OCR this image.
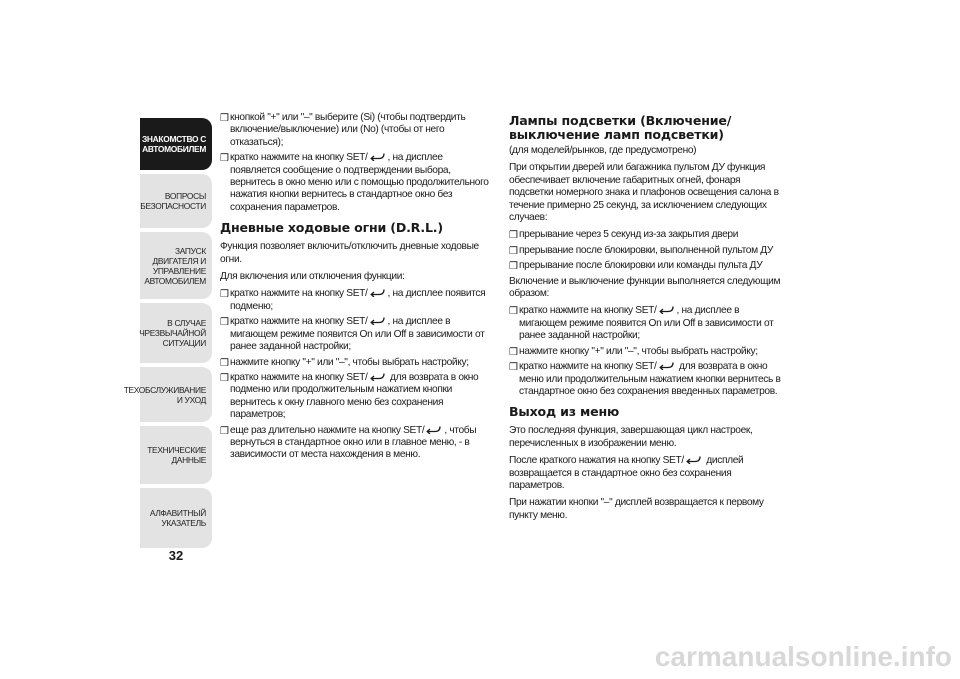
ЗНАКОМСТВО С
АВТОМОБИЛЕМ
ВОПРОСЫ
БЕЗОПАСНОСТИ
ЗАПУСК ДВИГАТЕЛЯ И
УПРАВЛЕНИЕ
АВТОМОБИЛЕМ
В СЛУЧАЕ
ЧРЕЗВЫЧАЙНОЙ
СИТУАЦИИ
ТЕХОБСЛУЖИВАНИЕ
И УХОД
ТЕХНИЧЕСКИЕ
ДАННЫЕ
АЛФАВИТНЫЙ
УКАЗАТЕЛЬ
32
❒ кнопкой "+" или "–" выберите (Si) (чтобы подтвердить включение/выключение) или (No) (чтобы от него отказаться);
❒ кратко нажмите на кнопку SET/ , на дисплее появляется сообщение о подтверждении выбора, вернитесь в окно меню или с помощью продолжительного нажатия кнопки вернитесь в стандартное окно без сохранения параметров.
Дневные ходовые огни (D.R.L.)

Функция позволяет включить/отключить дневные ходовые огни.

Для включения или отключения функции:

❒ кратко нажмите на кнопку SET/ , на дисплее появится подменю;
❒ кратко нажмите на кнопку SET/ , на дисплее в мигающем режиме появится On или Off в зависимости от ранее заданной настройки;
❒ нажмите кнопку "+" или "–", чтобы выбрать настройку;
❒ кратко нажмите на кнопку SET/ для возврата в окно подменю или продолжительным нажатием кнопки вернитесь к окну главного меню без сохранения параметров;
❒ еще раз длительно нажмите на кнопку SET/ , чтобы вернуться в стандартное окно или в главное меню, - в зависимости от места нахождения в меню.
Лампы подсветки (Включение/выключение ламп подсветки)

(для моделей/рынков, где предусмотрено)

При открытии дверей или багажника пультом ДУ функция обеспечивает включение габаритных огней, фонаря подсветки номерного знака и плафонов освещения салона в течение примерно 25 секунд, за исключением следующих случаев:

❒ прерывание через 5 секунд из-за закрытия двери
❒ прерывание после блокировки, выполненной пультом ДУ
❒ прерывание после блокировки или команды пульта ДУ

Включение и выключение функции выполняется следующим образом:

❒ кратко нажмите на кнопку SET/ , на дисплее в мигающем режиме появится On или Off в зависимости от ранее заданной настройки;
❒ нажмите кнопку "+" или "–", чтобы выбрать настройку;
❒ кратко нажмите на кнопку SET/ для возврата в окно меню или продолжительным нажатием кнопки вернитесь в стандартное окно без сохранения введенных параметров.
Выход из меню

Это последняя функция, завершающая цикл настроек, перечисленных в изображении меню.

После краткого нажатия на кнопку SET/ дисплей возвращается в стандартное окно без сохранения параметров.

При нажатии кнопки "–" дисплей возвращается к первому пункту меню.

carmanualsonline.info
